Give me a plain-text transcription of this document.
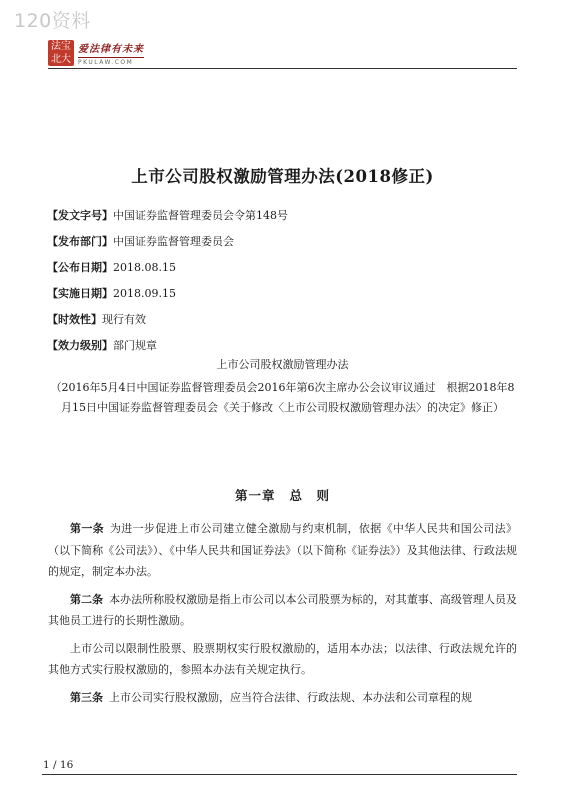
120资料
法 宝
北 大
爱法律有未来
PKULAW.COM
上市公司股权激励管理办法(2018修正)
【发文字号】中国证券监督管理委员会令第148号
【发布部门】中国证券监督管理委员会
【公布日期】2018.08.15
【实施日期】2018.09.15
【时效性】现行有效
【效力级别】部门规章
上市公司股权激励管理办法
（2016年5月4日中国证券监督管理委员会2016年第6次主席办公会议审议通过　根据2018年8月15日中国证券监督管理委员会《关于修改〈上市公司股权激励管理办法〉的决定》修正）
第一章 总　则

第一条 为进一步促进上市公司建立健全激励与约束机制，依据《中华人民共和国公司法》（以下简称《公司法》）、《中华人民共和国证券法》（以下简称《证券法》）及其他法律、行政法规的规定，制定本办法。

第二条 本办法所称股权激励是指上市公司以本公司股票为标的，对其董事、高级管理人员及其他员工进行的长期性激励。

上市公司以限制性股票、股票期权实行股权激励的，适用本办法；以法律、行政法规允许的其他方式实行股权激励的，参照本办法有关规定执行。

第三条 上市公司实行股权激励，应当符合法律、行政法规、本办法和公司章程的规

1 / 16
